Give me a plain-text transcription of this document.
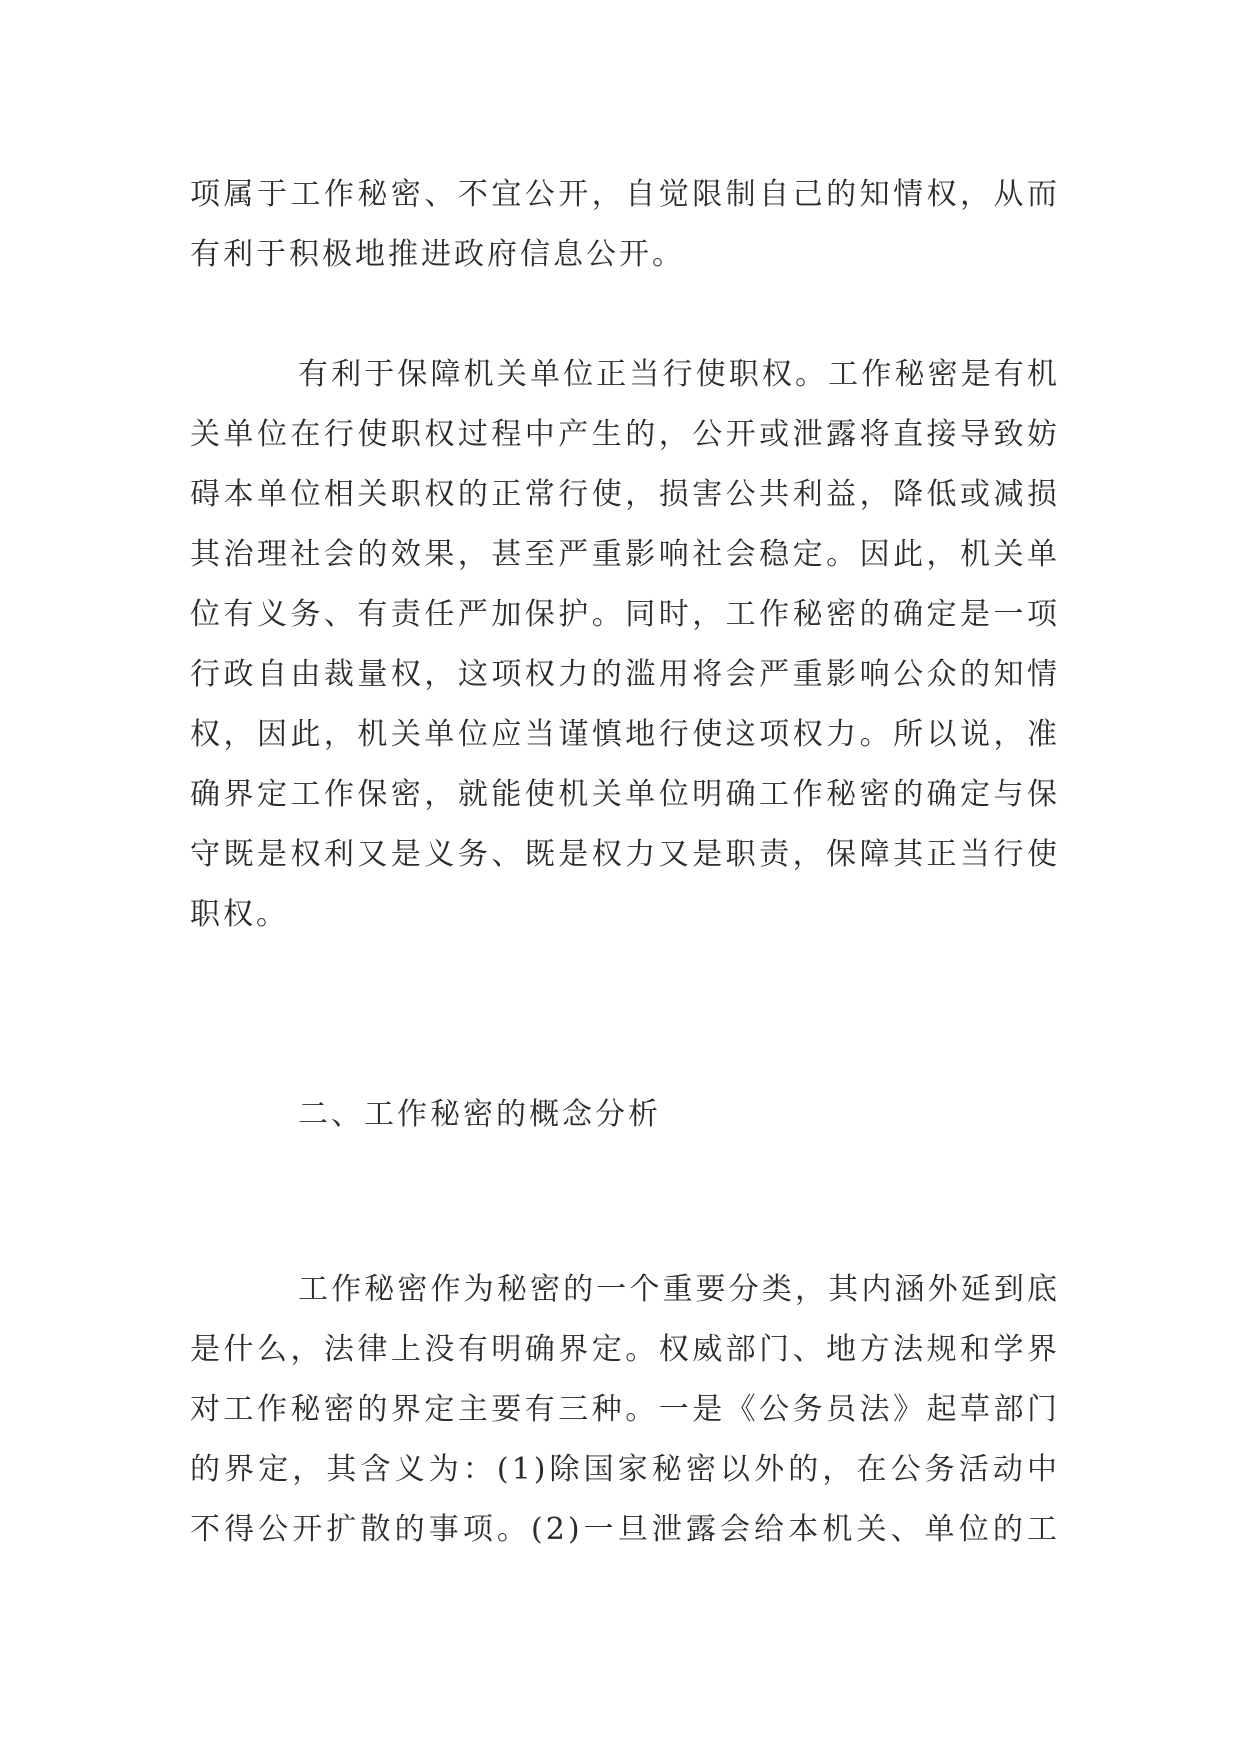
项属于工作秘密、不宜公开，自觉限制自己的知情权，从而
有利于积极地推进政府信息公开。
有利于保障机关单位正当行使职权。工作秘密是有机
关单位在行使职权过程中产生的，公开或泄露将直接导致妨
碍本单位相关职权的正常行使，损害公共利益，降低或减损
其治理社会的效果，甚至严重影响社会稳定。因此，机关单
位有义务、有责任严加保护。同时，工作秘密的确定是一项
行政自由裁量权，这项权力的滥用将会严重影响公众的知情
权，因此，机关单位应当谨慎地行使这项权力。所以说，准
确界定工作保密，就能使机关单位明确工作秘密的确定与保
守既是权利又是义务、既是权力又是职责，保障其正当行使
职权。
二、工作秘密的概念分析
工作秘密作为秘密的一个重要分类，其内涵外延到底
是什么，法律上没有明确界定。权威部门、地方法规和学界
对工作秘密的界定主要有三种。一是《公务员法》起草部门
的界定，其含义为：(1)除国家秘密以外的，在公务活动中
不得公开扩散的事项。(2)一旦泄露会给本机关、单位的工
